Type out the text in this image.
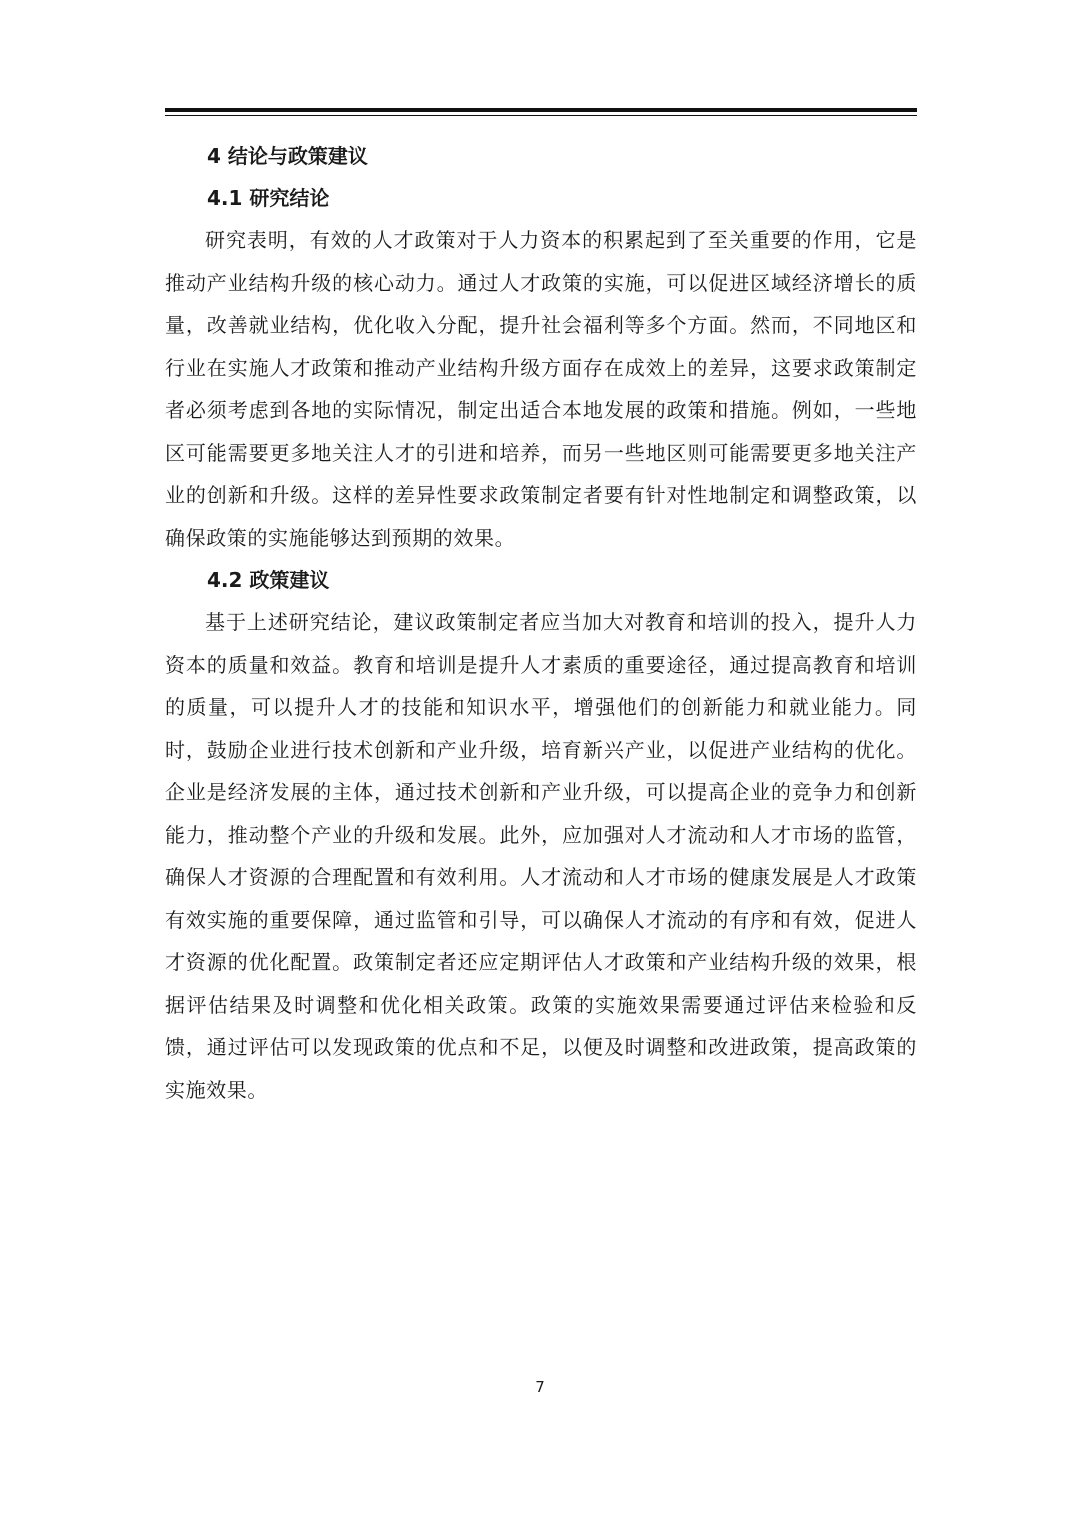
4 结论与政策建议
4.1 研究结论

研究表明，有效的人才政策对于人力资本的积累起到了至关重要的作用，它是推动产业结构升级的核心动力。通过人才政策的实施，可以促进区域经济增长的质量，改善就业结构，优化收入分配，提升社会福利等多个方面。然而，不同地区和行业在实施人才政策和推动产业结构升级方面存在成效上的差异，这要求政策制定者必须考虑到各地的实际情况，制定出适合本地发展的政策和措施。例如，一些地区可能需要更多地关注人才的引进和培养，而另一些地区则可能需要更多地关注产业的创新和升级。这样的差异性要求政策制定者要有针对性地制定和调整政策，以确保政策的实施能够达到预期的效果。

4.2 政策建议

基于上述研究结论，建议政策制定者应当加大对教育和培训的投入，提升人力资本的质量和效益。教育和培训是提升人才素质的重要途径，通过提高教育和培训的质量，可以提升人才的技能和知识水平，增强他们的创新能力和就业能力。同时，鼓励企业进行技术创新和产业升级，培育新兴产业，以促进产业结构的优化。企业是经济发展的主体，通过技术创新和产业升级，可以提高企业的竞争力和创新能力，推动整个产业的升级和发展。此外，应加强对人才流动和人才市场的监管，确保人才资源的合理配置和有效利用。人才流动和人才市场的健康发展是人才政策有效实施的重要保障，通过监管和引导，可以确保人才流动的有序和有效，促进人才资源的优化配置。政策制定者还应定期评估人才政策和产业结构升级的效果，根据评估结果及时调整和优化相关政策。政策的实施效果需要通过评估来检验和反馈，通过评估可以发现政策的优点和不足，以便及时调整和改进政策，提高政策的实施效果。

7
